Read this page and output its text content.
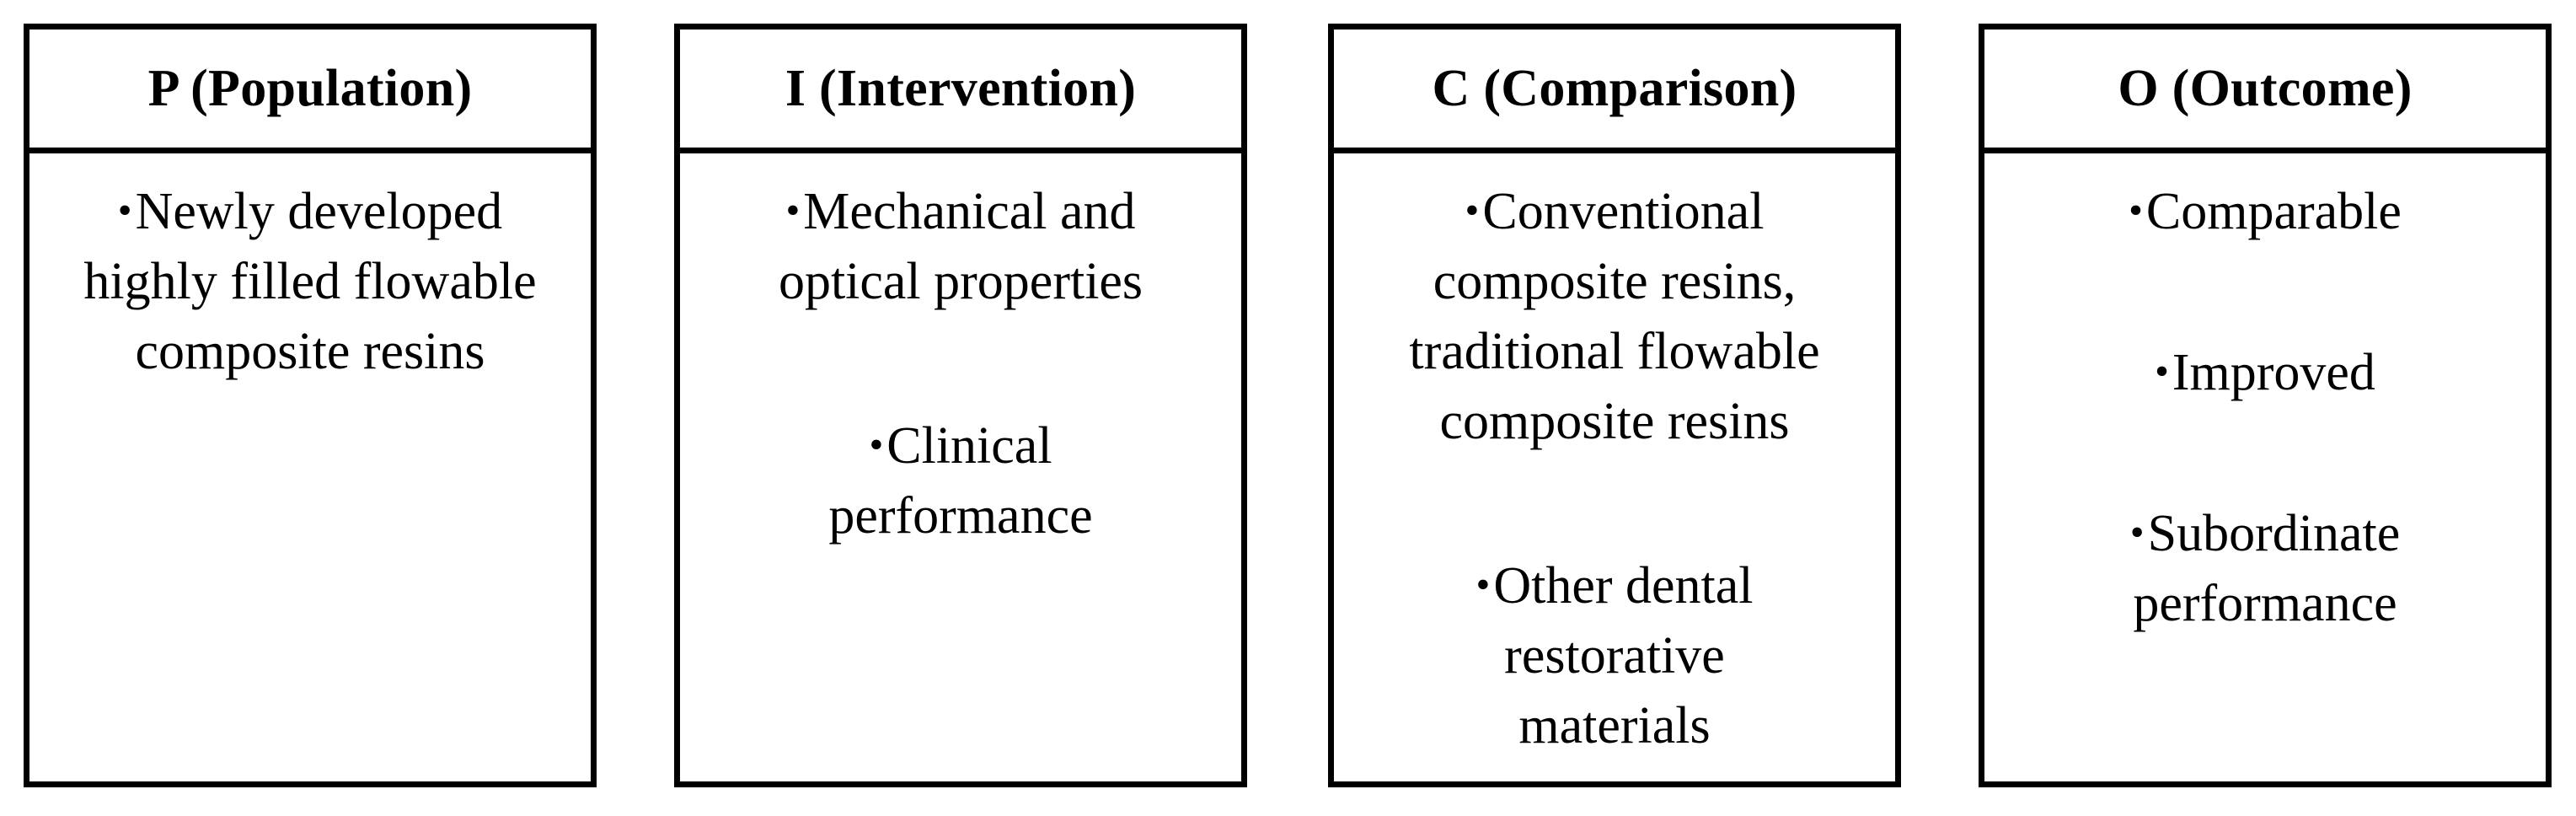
P (Population)
•Newly developed highly filled flowable composite resins
I (Intervention)
•Mechanical and optical properties
•Clinical performance
C (Comparison)
•Conventional composite resins, traditional flowable composite resins
•Other dental restorative materials
O (Outcome)
•Comparable
•Improved
•Subordinate performance
